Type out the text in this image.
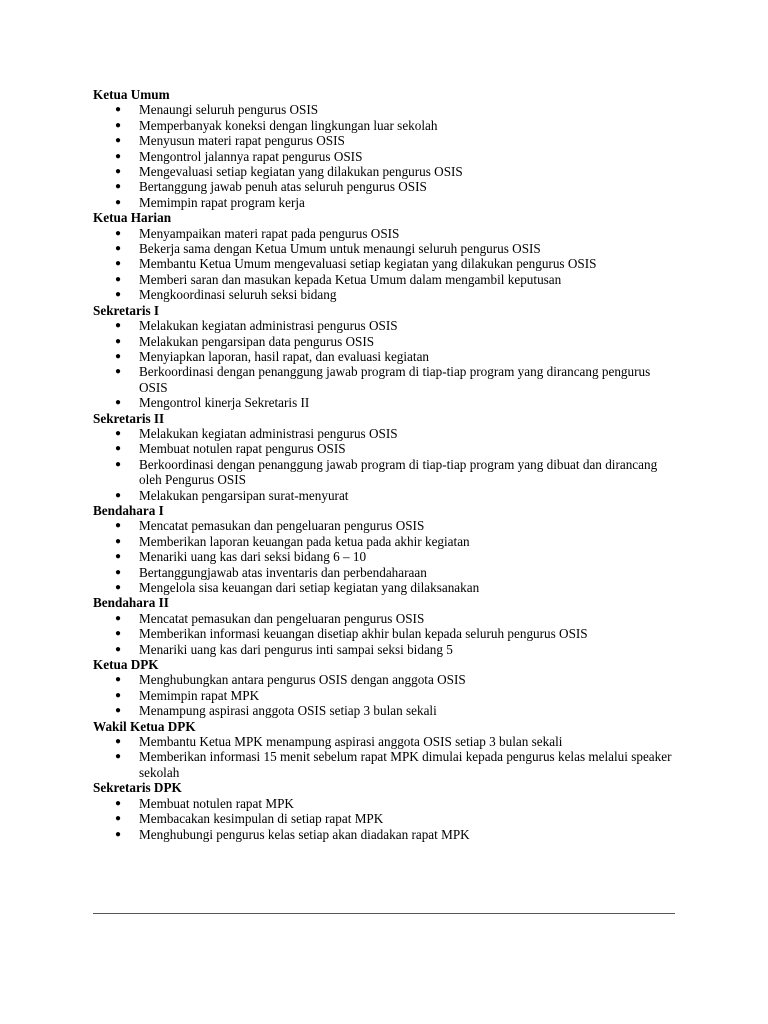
Ketua Umum
●	Menaungi seluruh pengurus OSIS
●	Memperbanyak koneksi dengan lingkungan luar sekolah
●	Menyusun materi rapat pengurus OSIS
●	Mengontrol jalannya rapat pengurus OSIS
●	Mengevaluasi setiap kegiatan yang dilakukan pengurus OSIS
●	Bertanggung jawab penuh atas seluruh pengurus OSIS
●	Memimpin rapat program kerja
Ketua Harian
●	Menyampaikan materi rapat pada pengurus OSIS
●	Bekerja sama dengan Ketua Umum untuk menaungi seluruh pengurus OSIS
●	Membantu Ketua Umum mengevaluasi setiap kegiatan yang dilakukan pengurus OSIS
●	Memberi saran dan masukan kepada Ketua Umum dalam mengambil keputusan
●	Mengkoordinasi seluruh seksi bidang
Sekretaris I
●	Melakukan kegiatan administrasi pengurus OSIS
●	Melakukan pengarsipan data pengurus OSIS
●	Menyiapkan laporan, hasil rapat, dan evaluasi kegiatan
●	Berkoordinasi dengan penanggung jawab program di tiap-tiap program yang dirancang pengurus OSIS
●	Mengontrol kinerja Sekretaris II
Sekretaris II
●	Melakukan kegiatan administrasi pengurus OSIS
●	Membuat notulen rapat pengurus OSIS
●	Berkoordinasi dengan penanggung jawab program di tiap-tiap program yang dibuat dan dirancang oleh Pengurus OSIS
●	Melakukan pengarsipan surat-menyurat
Bendahara I
●	Mencatat pemasukan dan pengeluaran pengurus OSIS
●	Memberikan laporan keuangan pada ketua pada akhir kegiatan
●	Menariki uang kas dari seksi bidang 6 – 10
●	Bertanggungjawab atas inventaris dan perbendaharaan
●	Mengelola sisa keuangan dari setiap kegiatan yang dilaksanakan
Bendahara II
●	Mencatat pemasukan dan pengeluaran pengurus OSIS
●	Memberikan informasi keuangan disetiap akhir bulan kepada seluruh pengurus OSIS
●	Menariki uang kas dari pengurus inti sampai seksi bidang 5
Ketua DPK
●	Menghubungkan antara pengurus OSIS dengan anggota OSIS
●	Memimpin rapat MPK
●	Menampung aspirasi anggota OSIS setiap 3 bulan sekali
Wakil Ketua DPK
●	Membantu Ketua MPK menampung aspirasi anggota OSIS setiap 3 bulan sekali
●	Memberikan informasi 15 menit sebelum rapat MPK dimulai kepada pengurus kelas melalui speaker sekolah
Sekretaris DPK
●	Membuat notulen rapat MPK
●	Membacakan kesimpulan di setiap rapat MPK
●	Menghubungi pengurus kelas setiap akan diadakan rapat MPK
